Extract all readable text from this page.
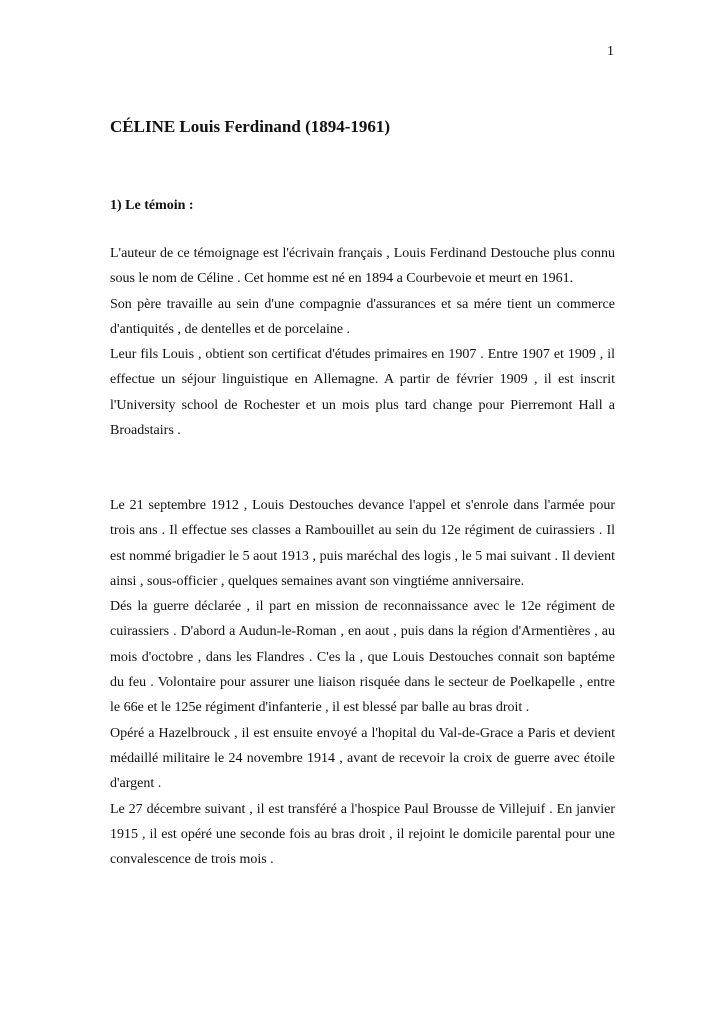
1
CÉLINE Louis Ferdinand (1894-1961)
1) Le témoin :

L'auteur de ce témoignage est l'écrivain français , Louis Ferdinand Destouche plus connu sous le nom de Céline . Cet homme est né en 1894 a Courbevoie et meurt en 1961.

Son père travaille au sein d'une compagnie d'assurances et sa mére tient un commerce d'antiquités , de dentelles et de porcelaine .

Leur fils Louis , obtient son certificat d'études primaires en 1907 . Entre 1907 et 1909 , il effectue un séjour linguistique en Allemagne. A partir de février 1909 , il est inscrit l'University school de Rochester et un mois plus tard change pour Pierremont Hall a Broadstairs .

Le 21 septembre 1912 , Louis Destouches devance l'appel et s'enrole dans l'armée pour trois ans . Il effectue ses classes a Rambouillet au sein du 12e régiment de cuirassiers . Il est nommé brigadier le 5 aout 1913 , puis maréchal des logis , le 5 mai suivant . Il devient ainsi , sous-officier , quelques semaines avant son vingtiéme anniversaire.

Dés la guerre déclarée , il part en mission de reconnaissance avec le 12e régiment de cuirassiers . D'abord a Audun-le-Roman , en aout , puis dans la région d'Armentières , au mois d'octobre , dans les Flandres . C'es la , que Louis Destouches connait son baptéme du feu . Volontaire pour assurer une liaison risquée dans le secteur de Poelkapelle , entre le 66e et le 125e régiment d'infanterie , il est blessé par balle au bras droit .

Opéré a Hazelbrouck , il est ensuite envoyé a l'hopital du Val-de-Grace a Paris et devient médaillé militaire le 24 novembre 1914 , avant de recevoir la croix de guerre avec étoile d'argent .

Le 27 décembre suivant , il est transféré a l'hospice Paul Brousse de Villejuif . En janvier 1915 , il est opéré une seconde fois au bras droit , il rejoint le domicile parental pour une convalescence de trois mois .
